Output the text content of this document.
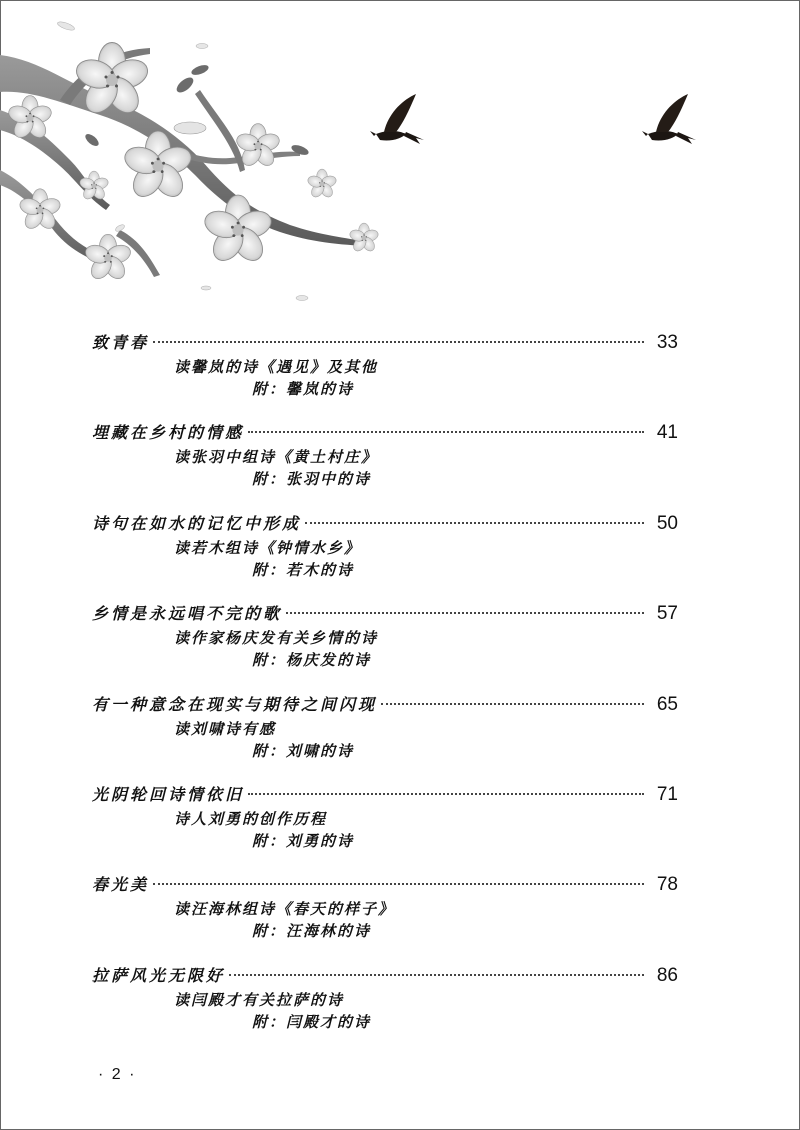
致青春	33
读馨岚的诗《遇见》及其他
附：馨岚的诗
埋藏在乡村的情感	41
读张羽中组诗《黄土村庄》
附：张羽中的诗
诗句在如水的记忆中形成	50
读若木组诗《钟情水乡》
附：若木的诗
乡情是永远唱不完的歌	57
读作家杨庆发有关乡情的诗
附：杨庆发的诗
有一种意念在现实与期待之间闪现	65
读刘啸诗有感
附：刘啸的诗
光阴轮回诗情依旧	71
诗人刘勇的创作历程
附：刘勇的诗
春光美	78
读汪海林组诗《春天的样子》
附：汪海林的诗
拉萨风光无限好	86
读闫殿才有关拉萨的诗
附：闫殿才的诗
· 2 ·
